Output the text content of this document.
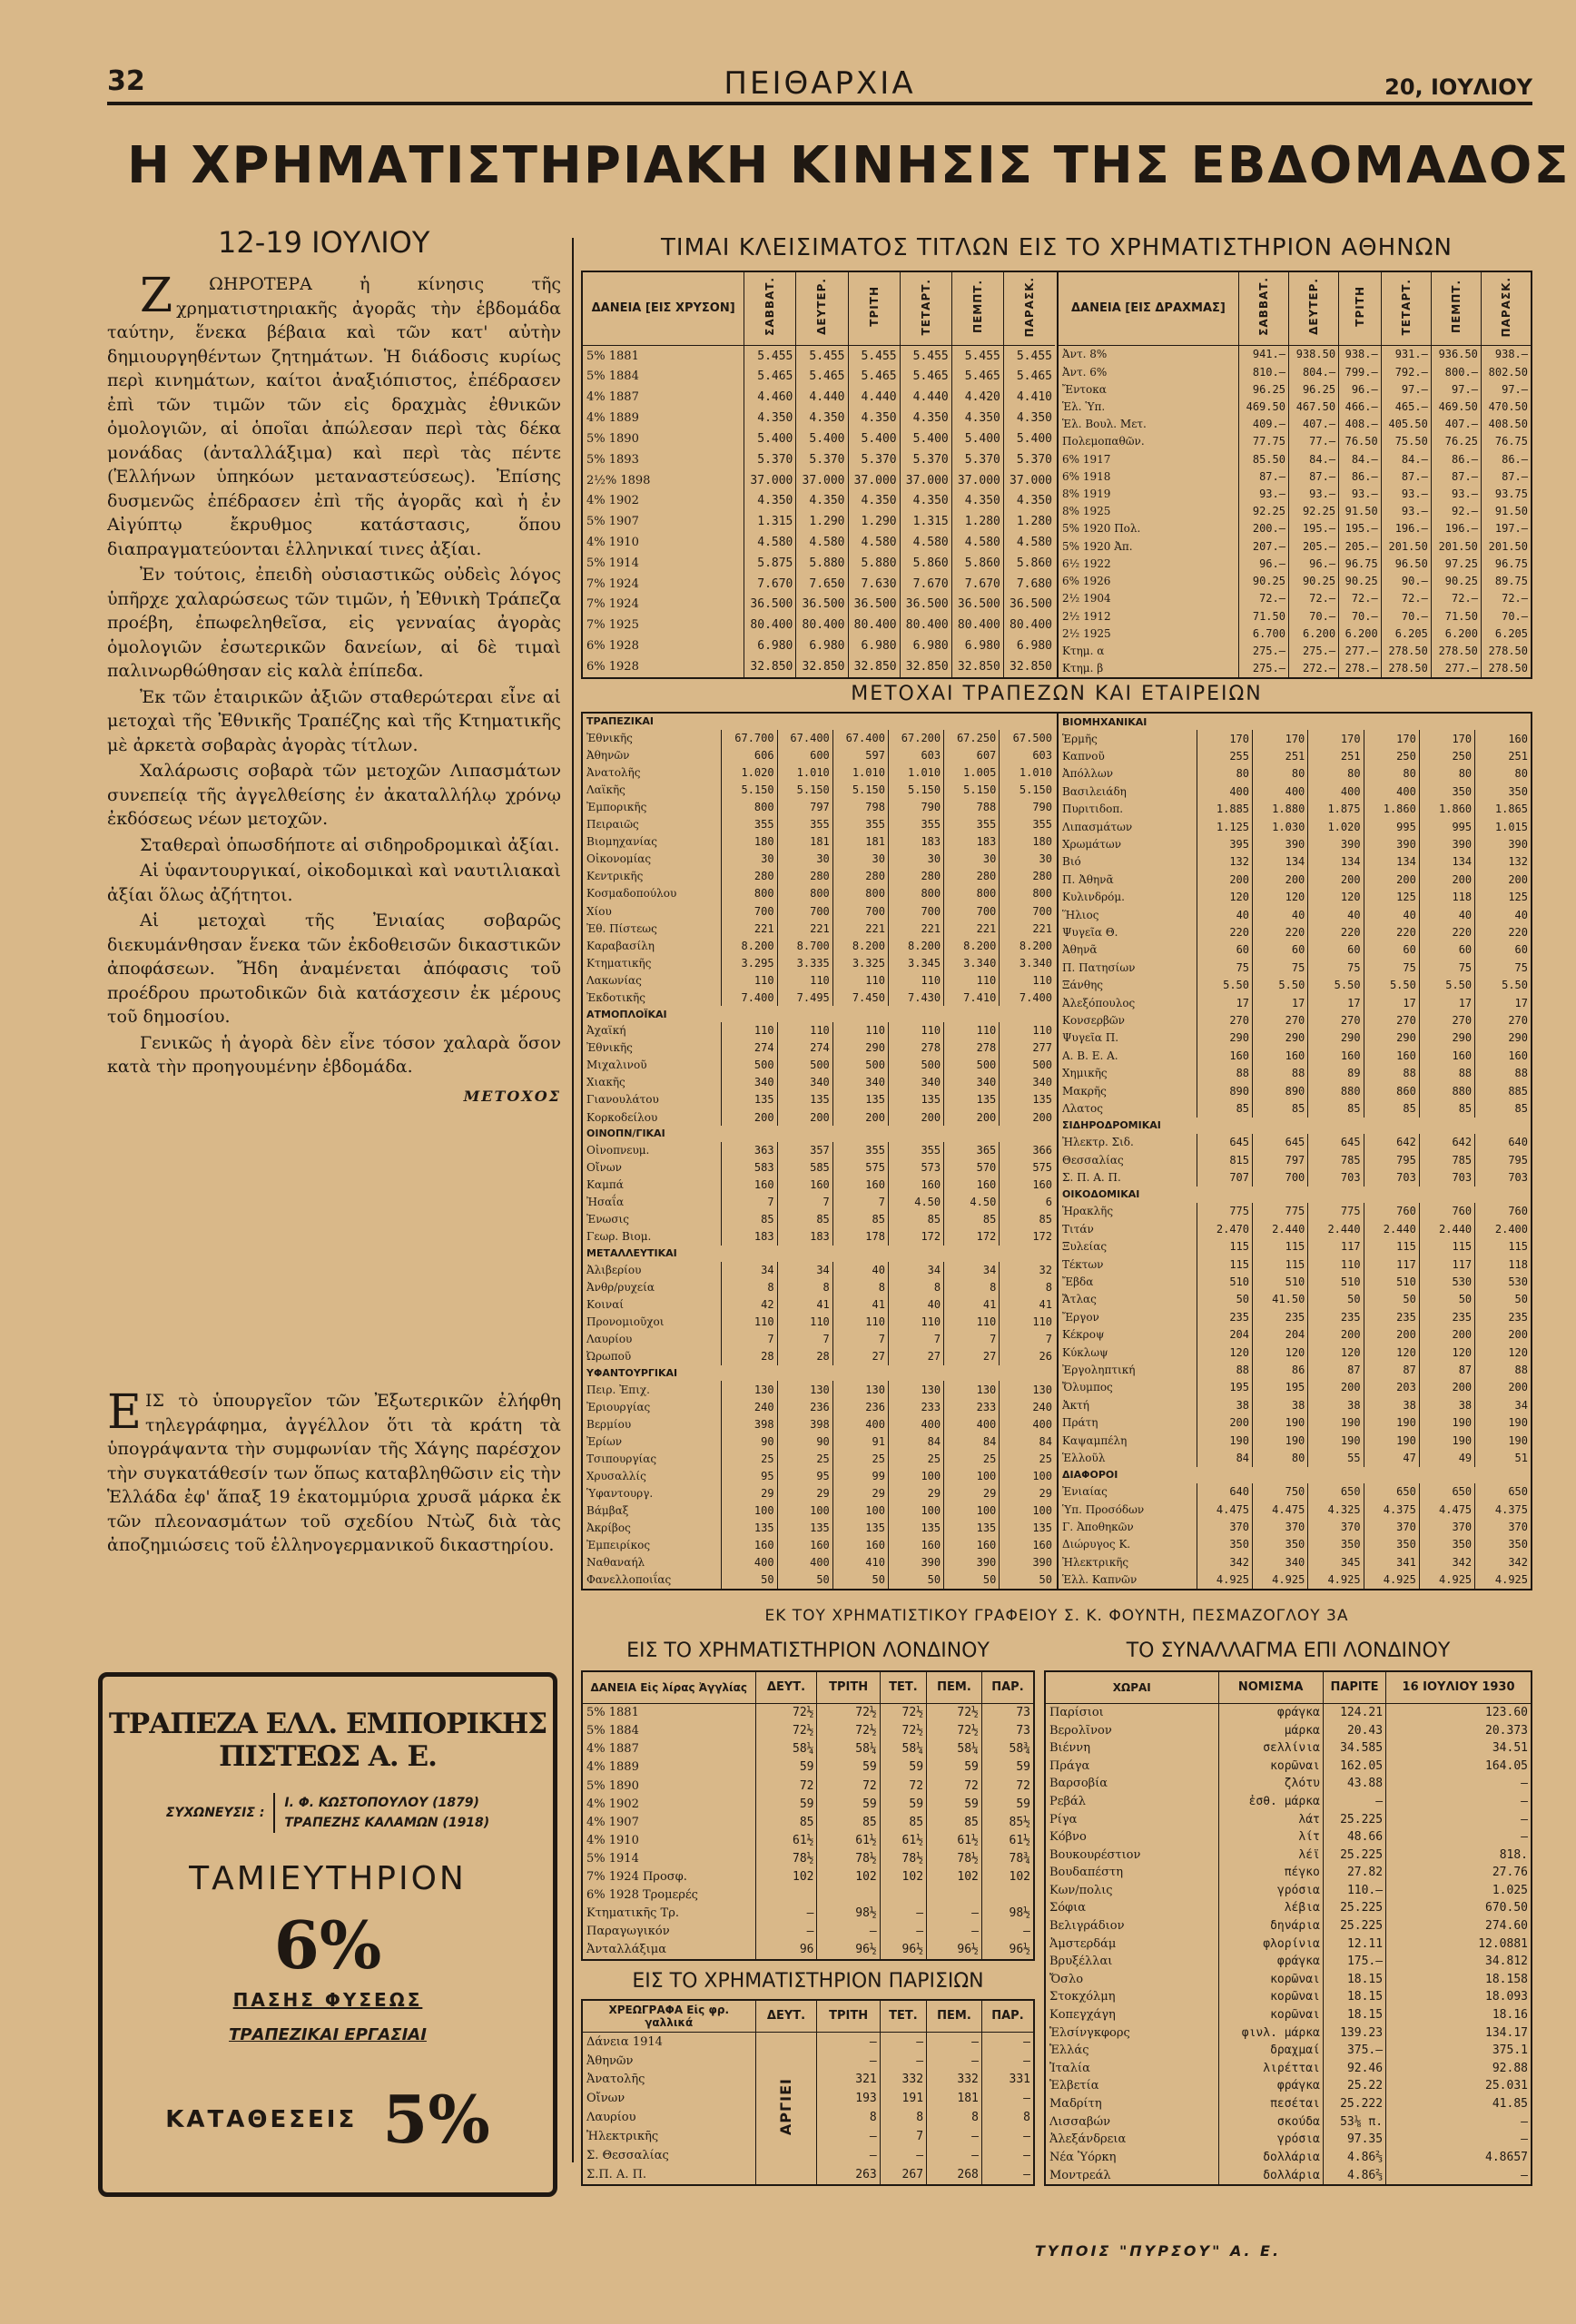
32	ΠΕΙΘΑΡΧΙΑ	20, ΙΟΥΛΙΟΥ
Η ΧΡΗΜΑΤΙΣΤΗΡΙΑΚΗ ΚΙΝΗΣΙΣ ΤΗΣ ΕΒΔΟΜΑΔΟΣ
12-19 ΙΟΥΛΙΟΥ

ΖΩΗΡΟΤΕΡΑ ἡ κίνησις τῆς χρηματιστηριακῆς ἀγορᾶς τὴν ἑβδομάδα ταύτην, ἕνεκα βέβαια καὶ τῶν κατ' αὐτὴν δημιουργηθέντων ζητημάτων. Ἡ διάδοσις κυρίως περὶ κινημάτων, καίτοι ἀναξιόπιστος, ἐπέδρασεν ἐπὶ τῶν τιμῶν τῶν εἰς δραχμὰς ἐθνικῶν ὁμολογιῶν, αἱ ὁποῖαι ἀπώλεσαν περὶ τὰς δέκα μονάδας (ἀνταλλάξιμα) καὶ περὶ τὰς πέντε (Ἑλλήνων ὑπηκόων μεταναστεύσεως). Ἐπίσης δυσμενῶς ἐπέδρασεν ἐπὶ τῆς ἀγορᾶς καὶ ἡ ἐν Αἰγύπτῳ ἔκρυθμος κατάστασις, ὅπου διαπραγματεύονται ἑλληνικαί τινες ἀξίαι.

Ἐν τούτοις, ἐπειδὴ οὐσιαστικῶς οὐδεὶς λόγος ὑπῆρχε χαλαρώσεως τῶν τιμῶν, ἡ Ἐθνικὴ Τράπεζα προέβη, ἐπωφεληθεῖσα, εἰς γενναίας ἀγορὰς ὁμολογιῶν ἐσωτερικῶν δανείων, αἱ δὲ τιμαὶ παλινωρθώθησαν εἰς καλὰ ἐπίπεδα.

Ἐκ τῶν ἑταιρικῶν ἀξιῶν σταθερώτεραι εἶνε αἱ μετοχαὶ τῆς Ἐθνικῆς Τραπέζης καὶ τῆς Κτηματικῆς μὲ ἀρκετὰ σοβαρὰς ἀγορὰς τίτλων.

Χαλάρωσις σοβαρὰ τῶν μετοχῶν Λιπασμάτων συνεπείᾳ τῆς ἀγγελθείσης ἐν ἀκαταλλήλῳ χρόνῳ ἐκδόσεως νέων μετοχῶν.

Σταθεραὶ ὁπωσδήποτε αἱ σιδηροδρομικαὶ ἀξίαι.

Αἱ ὑφαντουργικαί, οἰκοδομικαὶ καὶ ναυτιλιακαὶ ἀξίαι ὅλως ἀζήτητοι.

Αἱ μετοχαὶ τῆς Ἐνιαίας σοβαρῶς διεκυμάνθησαν ἕνεκα τῶν ἐκδοθεισῶν δικαστικῶν ἀποφάσεων. Ἤδη ἀναμένεται ἀπόφασις τοῦ προέδρου πρωτοδικῶν διὰ κατάσχεσιν ἐκ μέρους τοῦ δημοσίου.

Γενικῶς ἡ ἀγορὰ δὲν εἶνε τόσον χαλαρὰ ὅσον κατὰ τὴν προηγουμένην ἑβδομάδα.

ΜΕΤΟΧΟΣ

ΕΙΣ τὸ ὑπουργεῖον τῶν Ἐξωτερικῶν ἐλήφθη τηλεγράφημα, ἀγγέλλον ὅτι τὰ κράτη τὰ ὑπογράψαντα τὴν συμφωνίαν τῆς Χάγης παρέσχον τὴν συγκατάθεσίν των ὅπως καταβληθῶσιν εἰς τὴν Ἑλλάδα ἐφ' ἅπαξ 19 ἑκατομμύρια χρυσᾶ μάρκα ἐκ τῶν πλεονασμάτων τοῦ σχεδίου Ντὼζ διὰ τὰς ἀποζημιώσεις τοῦ ἑλληνογερμανικοῦ δικαστηρίου.

ΤΡΑΠΕΖΑ ΕΛΛ. ΕΜΠΟΡΙΚΗΣ ΠΙΣΤΕΩΣ Α. Ε.
ΣΥΧΩΝΕΥΣΙΣ :
Ι. Φ. ΚΩΣΤΟΠΟΥΛΟΥ (1879)
ΤΡΑΠΕΖΗΣ ΚΑΛΑΜΩΝ (1918)
ΤΑΜΙΕΥΤΗΡΙΟΝ
6%
ΠΑΣΗΣ ΦΥΣΕΩΣ
ΤΡΑΠΕΖΙΚΑΙ ΕΡΓΑΣΙΑΙ
ΚΑΤΑΘΕΣΕΙΣ 5%
ΤΙΜΑΙ ΚΛΕΙΣΙΜΑΤΟΣ ΤΙΤΛΩΝ ΕΙΣ ΤΟ ΧΡΗΜΑΤΙΣΤΗΡΙΟΝ ΑΘΗΝΩΝ
ΔΑΝΕΙΑ [ΕΙΣ ΧΡΥΣΟΝ]	ΣΑΒΒΑΤ.	ΔΕΥΤΕΡ.	ΤΡΙΤΗ	ΤΕΤΑΡΤ.	ΠΕΜΠΤ.	ΠΑΡΑΣΚ.
5% 1881	5.455	5.455	5.455	5.455	5.455	5.455
5% 1884	5.465	5.465	5.465	5.465	5.465	5.465
4% 1887	4.460	4.440	4.440	4.440	4.420	4.410
4% 1889	4.350	4.350	4.350	4.350	4.350	4.350
5% 1890	5.400	5.400	5.400	5.400	5.400	5.400
5% 1893	5.370	5.370	5.370	5.370	5.370	5.370
2½% 1898	37.000	37.000	37.000	37.000	37.000	37.000
4% 1902	4.350	4.350	4.350	4.350	4.350	4.350
5% 1907	1.315	1.290	1.290	1.315	1.280	1.280
4% 1910	4.580	4.580	4.580	4.580	4.580	4.580
5% 1914	5.875	5.880	5.880	5.860	5.860	5.860
7% 1924	7.670	7.650	7.630	7.670	7.670	7.680
7% 1924	36.500	36.500	36.500	36.500	36.500	36.500
7% 1925	80.400	80.400	80.400	80.400	80.400	80.400
6% 1928	6.980	6.980	6.980	6.980	6.980	6.980
6% 1928	32.850	32.850	32.850	32.850	32.850	32.850
ΔΑΝΕΙΑ [ΕΙΣ ΔΡΑΧΜΑΣ]	ΣΑΒΒΑΤ.	ΔΕΥΤΕΡ.	ΤΡΙΤΗ	ΤΕΤΑΡΤ.	ΠΕΜΠΤ.	ΠΑΡΑΣΚ.
Ἀντ. 8%	941.—	938.50	938.—	931.—	936.50	938.—
Ἀντ. 6%	810.—	804.—	799.—	792.—	800.—	802.50
Ἔντοκα	96.25	96.25	96.—	97.—	97.—	97.—
Ἑλ. Ὑπ.	469.50	467.50	466.—	465.—	469.50	470.50
Ἑλ. Βουλ. Μετ.	409.—	407.—	408.—	405.50	407.—	408.50
Πολεμοπαθῶν.	77.75	77.—	76.50	75.50	76.25	76.75
6% 1917	85.50	84.—	84.—	84.—	86.—	86.—
6% 1918	87.—	87.—	86.—	87.—	87.—	87.—
8% 1919	93.—	93.—	93.—	93.—	93.—	93.75
8% 1925	92.25	92.25	91.50	93.—	92.—	91.50
5% 1920 Πολ.	200.—	195.—	195.—	196.—	196.—	197.—
5% 1920 Ἀπ.	207.—	205.—	205.—	201.50	201.50	201.50
6½ 1922	96.—	96.—	96.75	96.50	97.25	96.75
6% 1926	90.25	90.25	90.25	90.—	90.25	89.75
2½ 1904	72.—	72.—	72.—	72.—	72.—	72.—
2½ 1912	71.50	70.—	70.—	70.—	71.50	70.—
2½ 1925	6.700	6.200	6.200	6.205	6.200	6.205
Κτημ. α	275.—	275.—	277.—	278.50	278.50	278.50
Κτημ. β	275.—	272.—	278.—	278.50	277.—	278.50
ΜΕΤΟΧΑΙ ΤΡΑΠΕΖΩΝ ΚΑΙ ΕΤΑΙΡΕΙΩΝ
ΤΡΑΠΕΖΙΚΑΙ						
Ἐθνικῆς	67.700	67.400	67.400	67.200	67.250	67.500
Ἀθηνῶν	606	600	597	603	607	603
Ἀνατολῆς	1.020	1.010	1.010	1.010	1.005	1.010
Λαϊκῆς	5.150	5.150	5.150	5.150	5.150	5.150
Ἐμπορικῆς	800	797	798	790	788	790
Πειραιῶς	355	355	355	355	355	355
Βιομηχανίας	180	181	181	183	183	180
Οἰκονομίας	30	30	30	30	30	30
Κεντρικῆς	280	280	280	280	280	280
Κοσμαδοπούλου	800	800	800	800	800	800
Χίου	700	700	700	700	700	700
Ἐθ. Πίστεως	221	221	221	221	221	221
Καραβασίλη	8.200	8.700	8.200	8.200	8.200	8.200
Κτηματικῆς	3.295	3.335	3.325	3.345	3.340	3.340
Λακωνίας	110	110	110	110	110	110
Ἐκδοτικῆς	7.400	7.495	7.450	7.430	7.410	7.400
ΑΤΜΟΠΛΟΪΚΑΙ						
Ἀχαϊκή	110	110	110	110	110	110
Ἐθνικῆς	274	274	290	278	278	277
Μιχαλινοῦ	500	500	500	500	500	500
Χιακῆς	340	340	340	340	340	340
Γιανουλάτου	135	135	135	135	135	135
Κορκοδείλου	200	200	200	200	200	200
ΟΙΝΟΠΝ/ΓΙΚΑΙ						
Οἰνοπνευμ.	363	357	355	355	365	366
Οἴνων	583	585	575	573	570	575
Καμπά	160	160	160	160	160	160
Ἠσαΐα	7	7	7	4.50	4.50	6
Ἐνωσις	85	85	85	85	85	85
Γεωρ. Βιομ.	183	183	178	172	172	172
ΜΕΤΑΛΛΕΥΤΙΚΑΙ						
Ἀλιβερίου	34	34	40	34	34	32
Ἀνθρ/ρυχεία	8	8	8	8	8	8
Κοιναί	42	41	41	40	41	41
Προνομιοῦχοι	110	110	110	110	110	110
Λαυρίου	7	7	7	7	7	7
Ὠρωποῦ	28	28	27	27	27	26
ΥΦΑΝΤΟΥΡΓΙΚΑΙ						
Πειρ. Ἐπιχ.	130	130	130	130	130	130
Ἐριουργίας	240	236	236	233	233	240
Βερμίου	398	398	400	400	400	400
Ἐρίων	90	90	91	84	84	84
Τσιπουργίας	25	25	25	25	25	25
Χρυσαλλίς	95	95	99	100	100	100
Ὑφαντουργ.	29	29	29	29	29	29
Βάμβαξ	100	100	100	100	100	100
Ἀκρίβος	135	135	135	135	135	135
Ἐμπειρίκος	160	160	160	160	160	160
Ναθαναήλ	400	400	410	390	390	390
Φανελλοποιΐας	50	50	50	50	50	50
ΒΙΟΜΗΧΑΝΙΚΑΙ						
Ἑρμῆς	170	170	170	170	170	160
Καπνοῦ	255	251	251	250	250	251
Ἀπόλλων	80	80	80	80	80	80
Βασιλειάδη	400	400	400	400	350	350
Πυριτιδοπ.	1.885	1.880	1.875	1.860	1.860	1.865
Λιπασμάτων	1.125	1.030	1.020	995	995	1.015
Χρωμάτων	395	390	390	390	390	390
Βιό	132	134	134	134	134	132
Π. Ἀθηνᾶ	200	200	200	200	200	200
Κυλινδρόμ.	120	120	120	125	118	125
Ἥλιος	40	40	40	40	40	40
Ψυγεῖα Θ.	220	220	220	220	220	220
Ἀθηνᾶ	60	60	60	60	60	60
Π. Πατησίων	75	75	75	75	75	75
Ξάνθης	5.50	5.50	5.50	5.50	5.50	5.50
Ἀλεξόπουλος	17	17	17	17	17	17
Κονσερβῶν	270	270	270	270	270	270
Ψυγεῖα Π.	290	290	290	290	290	290
Α. Β. Ε. Α.	160	160	160	160	160	160
Χημικῆς	88	88	89	88	88	88
Μακρῆς	890	890	880	860	880	885
Λλατος	85	85	85	85	85	85
ΣΙΔΗΡΟΔΡΟΜΙΚΑΙ						
Ἠλεκτρ. Σιδ.	645	645	645	642	642	640
Θεσσαλίας	815	797	785	795	785	795
Σ. Π. Α. Π.	707	700	703	703	703	703
ΟΙΚΟΔΟΜΙΚΑΙ						
Ἡρακλῆς	775	775	775	760	760	760
Τιτάν	2.470	2.440	2.440	2.440	2.440	2.400
Ξυλείας	115	115	117	115	115	115
Τέκτων	115	115	110	117	117	118
Ἔβδα	510	510	510	510	530	530
Ἄτλας	50	41.50	50	50	50	50
Ἔργον	235	235	235	235	235	235
Κέκροψ	204	204	200	200	200	200
Κύκλωψ	120	120	120	120	120	120
Ἐργοληπτική	88	86	87	87	87	88
Ὄλυμπος	195	195	200	203	200	200
Ἀκτή	38	38	38	38	38	34
Πράτη	200	190	190	190	190	190
Καψαμπέλη	190	190	190	190	190	190
Ἑλλοῦλ	84	80	55	47	49	51
ΔΙΑΦΟΡΟΙ						
Ἐνιαίας	640	750	650	650	650	650
Ὑπ. Προσόδων	4.475	4.475	4.325	4.375	4.475	4.375
Γ. Ἀποθηκῶν	370	370	370	370	370	370
Διώρυγος Κ.	350	350	350	350	350	350
Ἠλεκτρικῆς	342	340	345	341	342	342
Ἑλλ. Καπνῶν	4.925	4.925	4.925	4.925	4.925	4.925
ΕΚ ΤΟΥ ΧΡΗΜΑΤΙΣΤΙΚΟΥ ΓΡΑΦΕΙΟΥ Σ. Κ. ΦΟΥΝΤΗ, ΠΕΣΜΑΖΟΓΛΟΥ 3Α
ΕΙΣ ΤΟ ΧΡΗΜΑΤΙΣΤΗΡΙΟΝ ΛΟΝΔΙΝΟΥ
ΔΑΝΕΙΑ Εἰς λίρας Ἀγγλίας	ΔΕΥΤ.	ΤΡΙΤΗ	ΤΕΤ.	ΠΕΜ.	ΠΑΡ.
5% 1881	72½	72½	72½	72½	73
5% 1884	72½	72½	72½	72½	73
4% 1887	58¼	58¼	58¼	58¼	58¾
4% 1889	59	59	59	59	59
5% 1890	72	72	72	72	72
4% 1902	59	59	59	59	59
4% 1907	85	85	85	85	85½
4% 1910	61½	61½	61½	61½	61½
5% 1914	78½	78½	78½	78½	78¾
7% 1924 Προσφ.	102	102	102	102	102
6% 1928 Τρομερές					
Κτηματικῆς Τρ.	—	98½	—	—	98½
Παραγωγικόν	—	—	—	—	—
Ἀνταλλάξιμα	96	96½	96½	96½	96½
ΕΙΣ ΤΟ ΧΡΗΜΑΤΙΣΤΗΡΙΟΝ ΠΑΡΙΣΙΩΝ
ΧΡΕΩΓΡΑΦΑ Εἰς φρ. γαλλικά	ΔΕΥΤ.	ΤΡΙΤΗ	ΤΕΤ.	ΠΕΜ.	ΠΑΡ.
Δάνεια 1914	ΑΡΓΙΕΙ	—	—	—	—
Ἀθηνῶν		—	—	—	—
Ἀνατολῆς		321	332	332	331
Οἴνων		193	191	181	—
Λαυρίου		8	8	8	8
Ἠλεκτρικῆς		—	7	—	—
Σ. Θεσσαλίας		—	—	—	—
Σ.Π. Α. Π.		263	267	268	—
ΤΟ ΣΥΝΑΛΛΑΓΜΑ ΕΠΙ ΛΟΝΔΙΝΟΥ
ΧΩΡΑΙ	ΝΟΜΙΣΜΑ	ΠΑΡΙΤΕ	16 ΙΟΥΛΙΟΥ 1930
Παρίσιοι	φράγκα	124.21	123.60
Βερολῖνον	μάρκα	20.43	20.373
Βιέννη	σελλίνια	34.585	34.51
Πράγα	κορῶναι	162.05	164.05
Βαρσοβία	ζλότυ	43.88	—
Ρεβάλ	ἐσθ. μάρκα	—	—
Ρίγα	λάτ	25.225	—
Κόβνο	λίτ	48.66	—
Βουκουρέστιον	λέϊ	25.225	818.
Βουδαπέστη	πέγκο	27.82	27.76
Κων/πολις	γρόσια	110.—	1.025
Σόφια	λέβια	25.225	670.50
Βελιγράδιον	δηνάρια	25.225	274.60
Ἀμστερδάμ	φλορίνια	12.11	12.0881
Βρυξέλλαι	φράγκα	175.—	34.812
Ὄσλο	κορῶναι	18.15	18.158
Στοκχόλμη	κορῶναι	18.15	18.093
Κοπεγχάγη	κορῶναι	18.15	18.16
Ἑλσίνγκφορς	φινλ. μάρκα	139.23	134.17
Ἑλλάς	δραχμαί	375.—	375.1
Ἰταλία	λιρέτται	92.46	92.88
Ἑλβετία	φράγκα	25.22	25.031
Μαδρίτη	πεσέται	25.222	41.85
Λισσαβών	σκούδα	53⅛ π.	—
Ἀλεξάνδρεια	γρόσια	97.35	—
Νέα Ὑόρκη	δολλάρια	4.86⅔	4.8657
Μοντρεάλ	δολλάρια	4.86⅔	—
ΤΥΠΟΙΣ "ΠΥΡΣΟΥ" Α. Ε.
